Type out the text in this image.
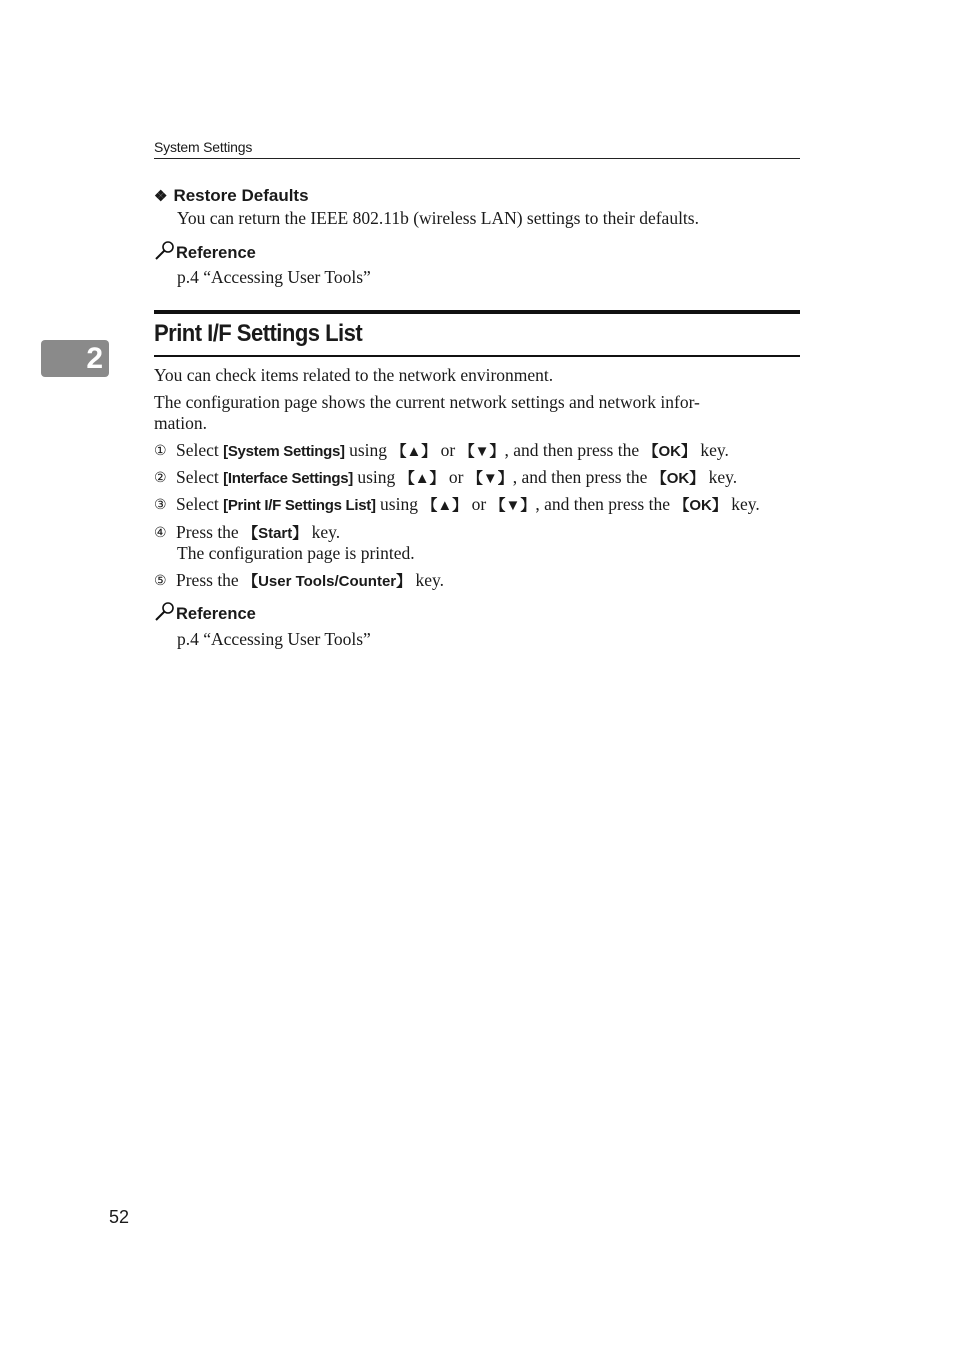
System Settings
❖ Restore Defaults
You can return the IEEE 802.11b (wireless LAN) settings to their defaults.
Reference
p.4 “Accessing User Tools”
Print I/F Settings List
2	You can check items related to the network environment.
The configuration page shows the current network settings and network infor-
mation.
① Select [System Settings] using 【▲】 or 【▼】, and then press the 【OK】 key.
② Select [Interface Settings] using 【▲】 or 【▼】, and then press the 【OK】 key.
③ Select [Print I/F Settings List] using 【▲】 or 【▼】, and then press the 【OK】 key.
④ Press the 【Start】 key.
The configuration page is printed.
⑤ Press the 【User Tools/Counter】 key.
Reference
p.4 “Accessing User Tools”
52
